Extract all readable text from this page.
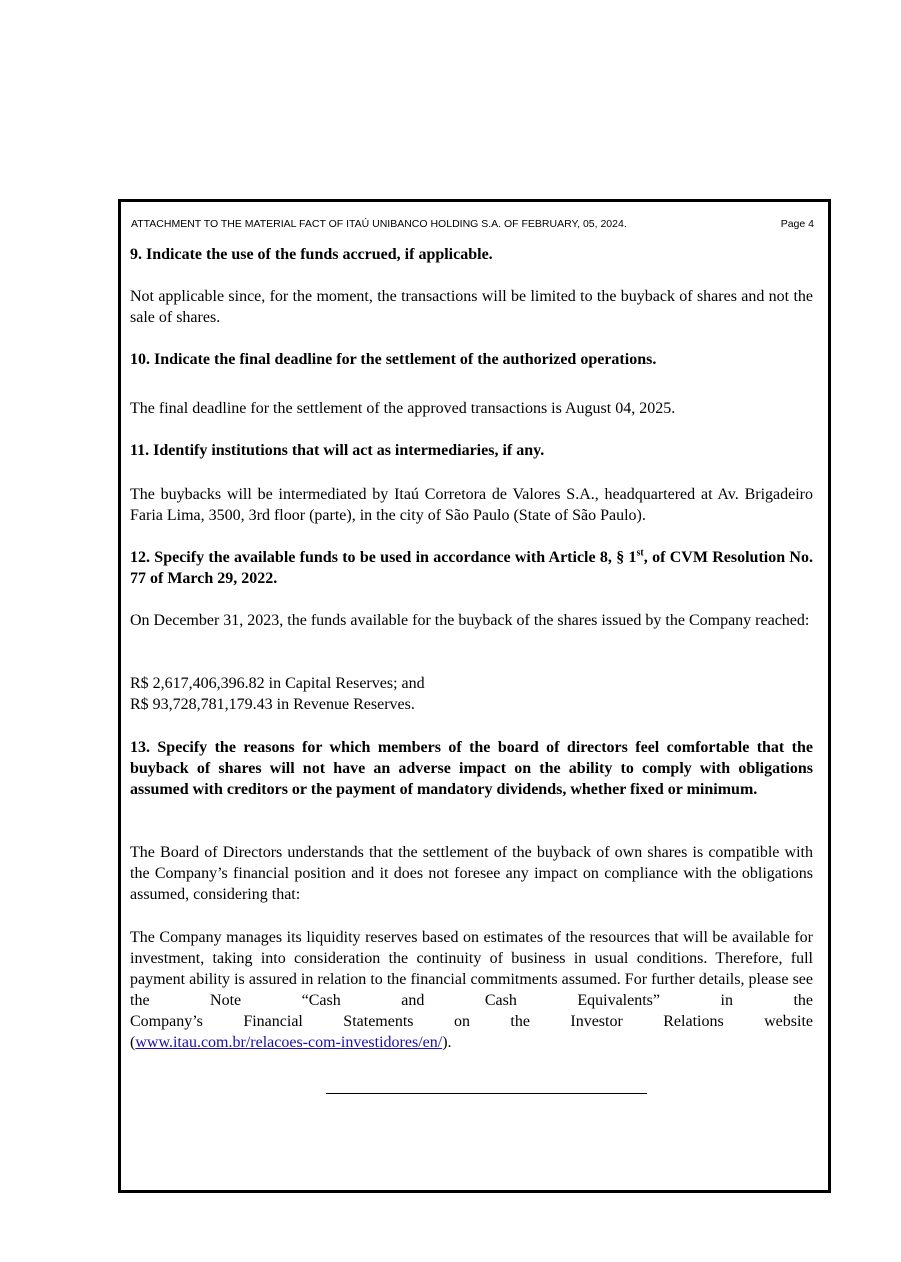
ATTACHMENT TO THE MATERIAL FACT OF ITAÚ UNIBANCO HOLDING S.A. OF FEBRUARY, 05, 2024.	Page 4

9. Indicate the use of the funds accrued, if applicable.

Not applicable since, for the moment, the transactions will be limited to the buyback of shares and not the sale of shares.

10. Indicate the final deadline for the settlement of the authorized operations.

The final deadline for the settlement of the approved transactions is August 04, 2025.

11. Identify institutions that will act as intermediaries, if any.

The buybacks will be intermediated by Itaú Corretora de Valores S.A., headquartered at Av. Brigadeiro Faria Lima, 3500, 3rd floor (parte), in the city of São Paulo (State of São Paulo).

12. Specify the available funds to be used in accordance with Article 8, § 1st, of CVM Resolution No. 77 of March 29, 2022.

On December 31, 2023, the funds available for the buyback of the shares issued by the Company reached:

R$ 2,617,406,396.82 in Capital Reserves; and

R$ 93,728,781,179.43 in Revenue Reserves.

13. Specify the reasons for which members of the board of directors feel comfortable that the buyback of shares will not have an adverse impact on the ability to comply with obligations assumed with creditors or the payment of mandatory dividends, whether fixed or minimum.

The Board of Directors understands that the settlement of the buyback of own shares is compatible with the Company’s financial position and it does not foresee any impact on compliance with the obligations assumed, considering that:

The Company manages its liquidity reserves based on estimates of the resources that will be available for investment, taking into consideration the continuity of business in usual conditions. Therefore, full payment ability is assured in relation to the financial commitments assumed. For further details, please see the Note “Cash and Cash Equivalents” in the

Company’s Financial Statements on the Investor Relations website

(www.itau.com.br/relacoes-com-investidores/en/).
